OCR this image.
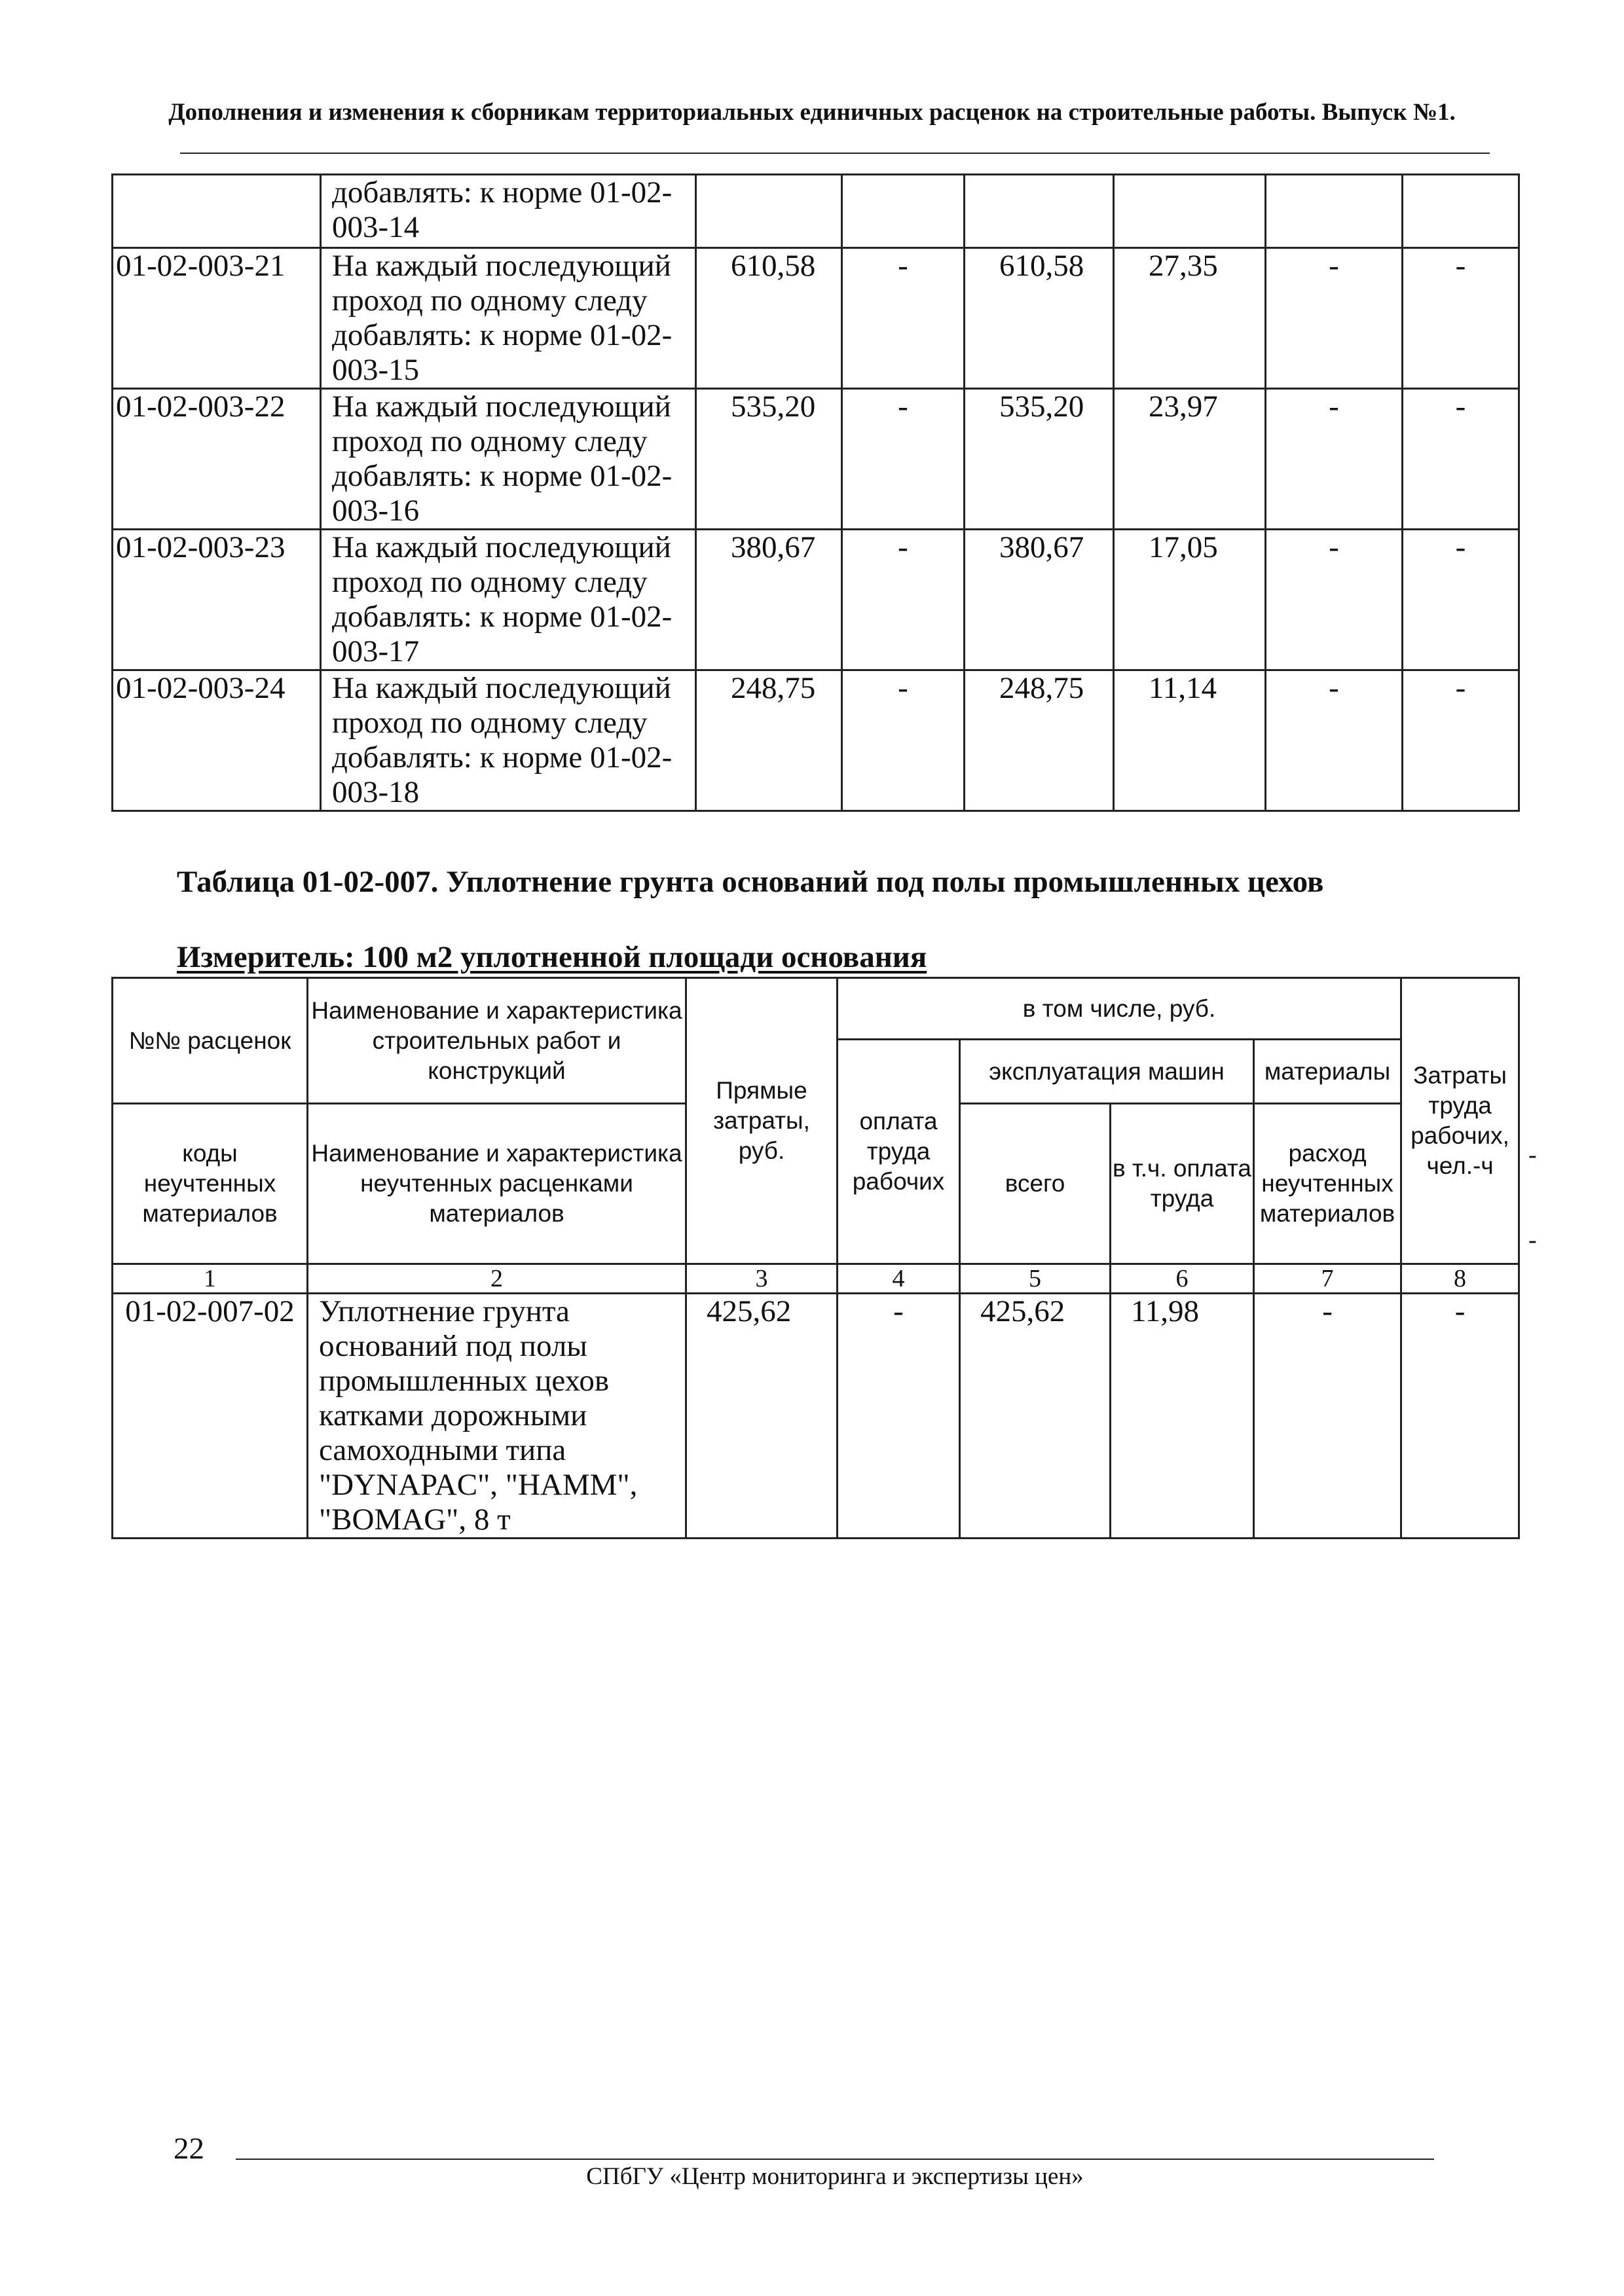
Дополнения и изменения к сборникам территориальных единичных расценок на строительные работы. Выпуск №1.
	добавлять: к норме 01-02-003-14						
01-02-003-21	На каждый последующий проход по одному следу добавлять: к норме 01-02-003-15	610,58	-	610,58	27,35	-	-
01-02-003-22	На каждый последующий проход по одному следу добавлять: к норме 01-02-003-16	535,20	-	535,20	23,97	-	-
01-02-003-23	На каждый последующий проход по одному следу добавлять: к норме 01-02-003-17	380,67	-	380,67	17,05	-	-
01-02-003-24	На каждый последующий проход по одному следу добавлять: к норме 01-02-003-18	248,75	-	248,75	11,14	-	-
Таблица 01-02-007. Уплотнение грунта оснований под полы промышленных цехов
Измеритель: 100 м2 уплотненной площади основания
№№ расценок	Наименование и характеристика строительных работ и конструкций	Прямые затраты, руб.	в том числе, руб.				Затраты труда рабочих, чел.-ч
			оплата труда рабочих	эксплуатация машин		материалы	
коды неучтенных материалов	Наименование и характеристика неучтенных расценками материалов			всего	в т.ч. оплата труда	расход неучтенных материалов	
1	2	3	4	5	6	7	8
01-02-007-02	Уплотнение грунта оснований под полы промышленных цехов катками дорожными самоходными типа "DYNAPAC", "HAMM", "BOMAG", 8 т	425,62	-	425,62	11,98	-	-
-
-
22
СПбГУ «Центр мониторинга и экспертизы цен»
